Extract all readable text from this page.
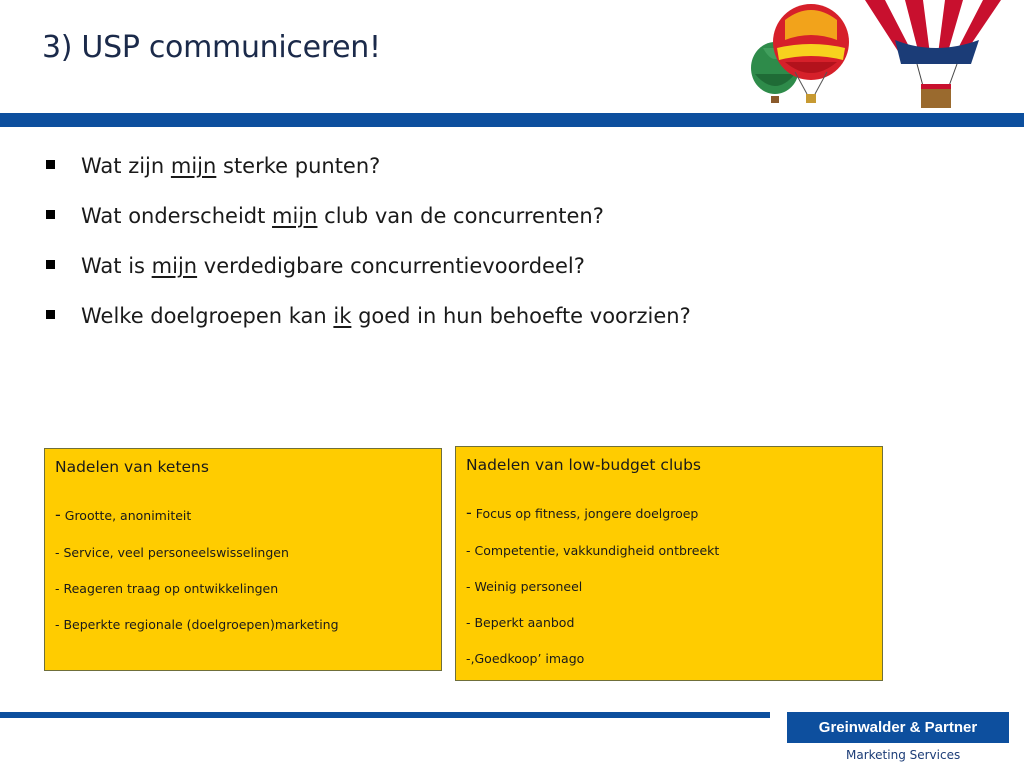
3) USP communiceren!
Wat zijn mijn sterke punten?
Wat onderscheidt mijn club van de concurrenten?
Wat is mijn verdedigbare concurrentievoordeel?
Welke doelgroepen kan ik goed in hun behoefte voorzien?
Nadelen van ketens
- Grootte, anonimiteit
- Service, veel personeelswisselingen
- Reageren traag op ontwikkelingen
- Beperkte regionale (doelgroepen)marketing
Nadelen van low-budget clubs
- Focus op fitness, jongere doelgroep
- Competentie, vakkundigheid ontbreekt
- Weinig personeel
- Beperkt aanbod
-‚Goedkoop’ imago
Greinwalder & Partner
Marketing Services
